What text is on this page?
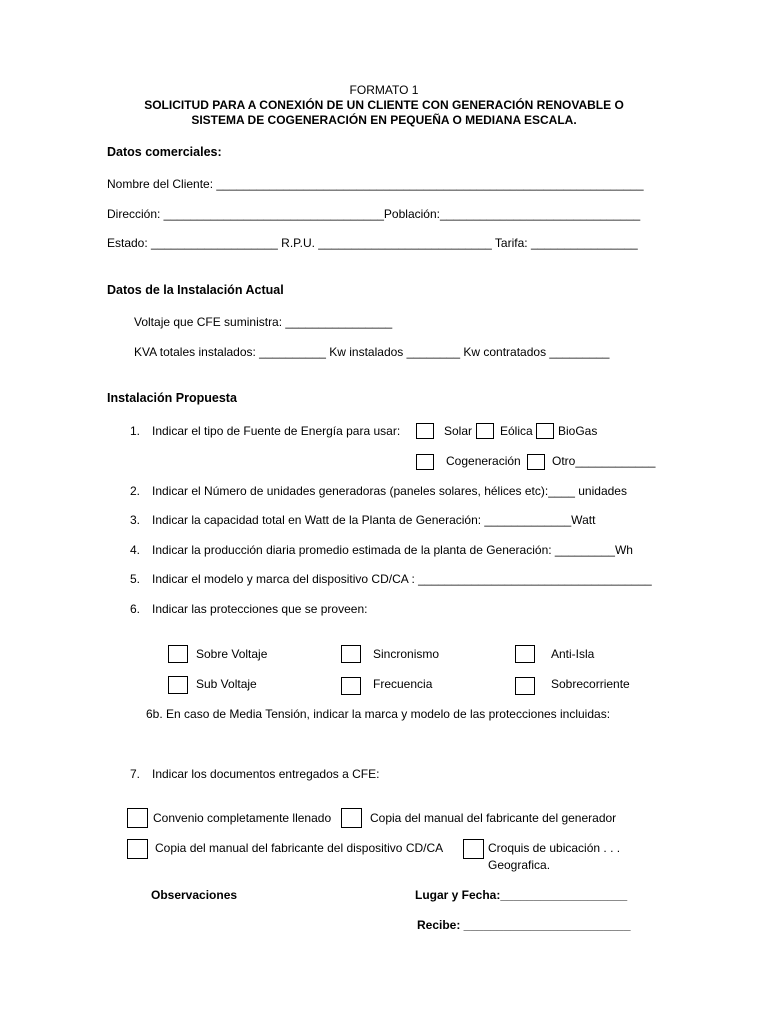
FORMATO 1
SOLICITUD PARA A CONEXIÓN DE UN CLIENTE CON GENERACIÓN RENOVABLE O
SISTEMA DE COGENERACIÓN EN PEQUEÑA O MEDIANA ESCALA.
Datos comerciales:
Nombre del Cliente: ________________________________________________________________
Dirección: _________________________________Población:______________________________
Estado: ___________________ R.P.U. __________________________ Tarifa: ________________
Datos de la Instalación Actual
Voltaje que CFE suministra: ________________
KVA totales instalados: __________ Kw instalados ________ Kw contratados _________
Instalación Propuesta
1. Indicar el tipo de Fuente de Energía para usar:	Solar Eólica BioGas
Cogeneración	Otro____________
2. Indicar el Número de unidades generadoras (paneles solares, hélices etc):____ unidades
3. Indicar la capacidad total en Watt de la Planta de Generación: _____________Watt
4. Indicar la producción diaria promedio estimada de la planta de Generación: _________Wh
5. Indicar el modelo y marca del dispositivo CD/CA : ___________________________________
6. Indicar las protecciones que se proveen:
Sobre Voltaje	Sincronismo	Anti-Isla
Sub Voltaje	Frecuencia	Sobrecorriente
6b. En caso de Media Tensión, indicar la marca y modelo de las protecciones incluidas:
7. Indicar los documentos entregados a CFE:
Convenio completamente llenado	Copia del manual del fabricante del generador
Copia del manual del fabricante del dispositivo CD/CA	Croquis de ubicación . . .
Geografica.
Observaciones	Lugar y Fecha:___________________
Recibe: _________________________
